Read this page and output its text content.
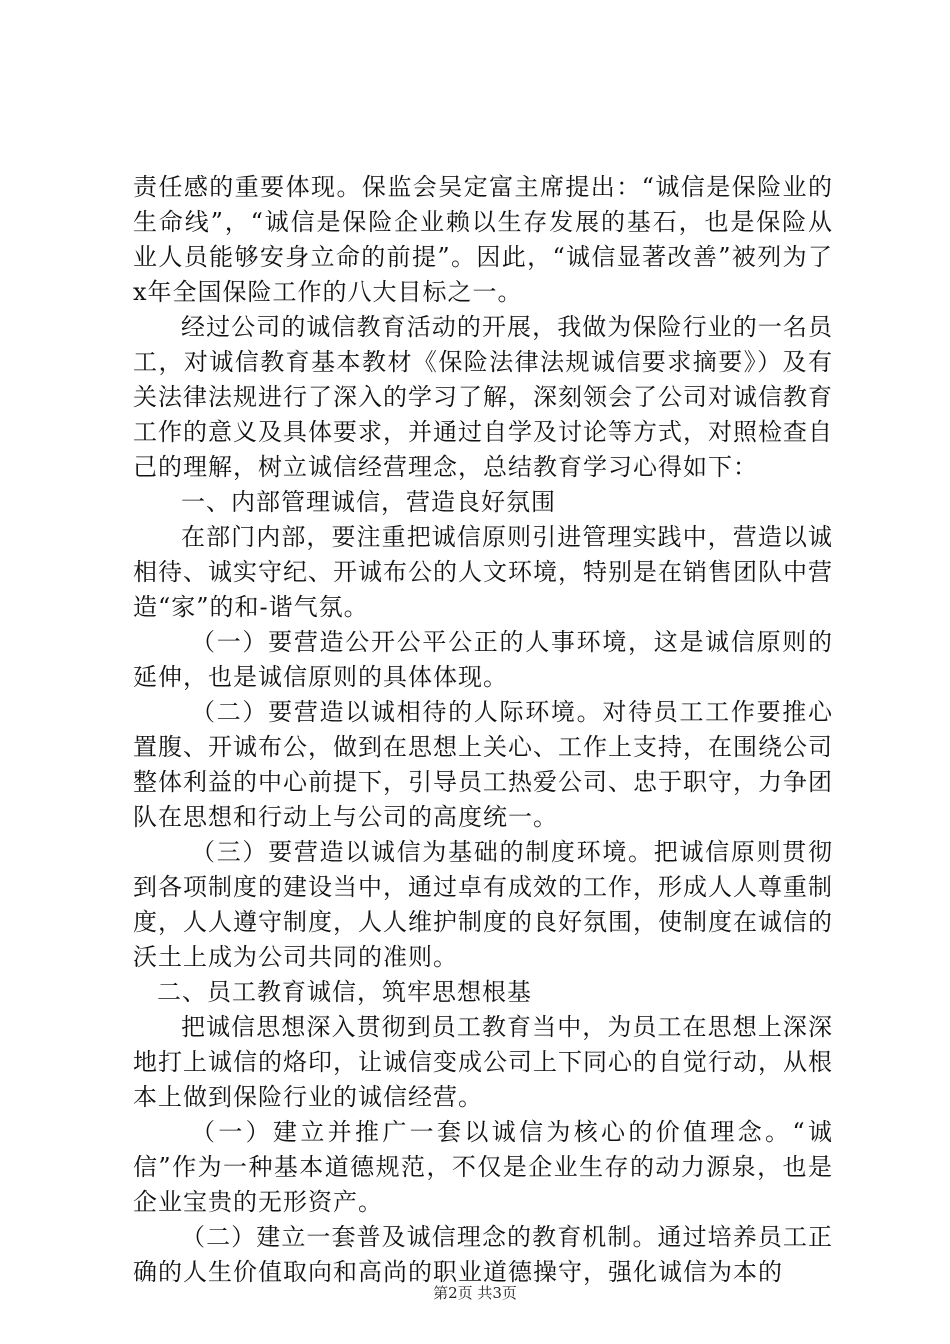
责任感的重要体现。保监会吴定富主席提出：“诚信是保险业的生命线”，“诚信是保险企业赖以生存发展的基石，也是保险从业人员能够安身立命的前提”。因此，“诚信显著改善”被列为了x年全国保险工作的八大目标之一。

经过公司的诚信教育活动的开展，我做为保险行业的一名员工，对诚信教育基本教材《保险法律法规诚信要求摘要》）及有关法律法规进行了深入的学习了解，深刻领会了公司对诚信教育工作的意义及具体要求，并通过自学及讨论等方式，对照检查自己的理解，树立诚信经营理念，总结教育学习心得如下：

一、内部管理诚信，营造良好氛围

在部门内部，要注重把诚信原则引进管理实践中，营造以诚相待、诚实守纪、开诚布公的人文环境，特别是在销售团队中营造“家”的和-谐气氛。

（一）要营造公开公平公正的人事环境，这是诚信原则的延伸，也是诚信原则的具体体现。

（二）要营造以诚相待的人际环境。对待员工工作要推心置腹、开诚布公，做到在思想上关心、工作上支持，在围绕公司整体利益的中心前提下，引导员工热爱公司、忠于职守，力争团队在思想和行动上与公司的高度统一。

（三）要营造以诚信为基础的制度环境。把诚信原则贯彻到各项制度的建设当中，通过卓有成效的工作，形成人人尊重制度，人人遵守制度，人人维护制度的良好氛围，使制度在诚信的沃土上成为公司共同的准则。

二、员工教育诚信，筑牢思想根基

把诚信思想深入贯彻到员工教育当中，为员工在思想上深深地打上诚信的烙印，让诚信变成公司上下同心的自觉行动，从根本上做到保险行业的诚信经营。

（一）建立并推广一套以诚信为核心的价值理念。“诚信”作为一种基本道德规范，不仅是企业生存的动力源泉，也是企业宝贵的无形资产。

（二）建立一套普及诚信理念的教育机制。通过培养员工正确的人生价值取向和高尚的职业道德操守，强化诚信为本的

第2页 共3页
